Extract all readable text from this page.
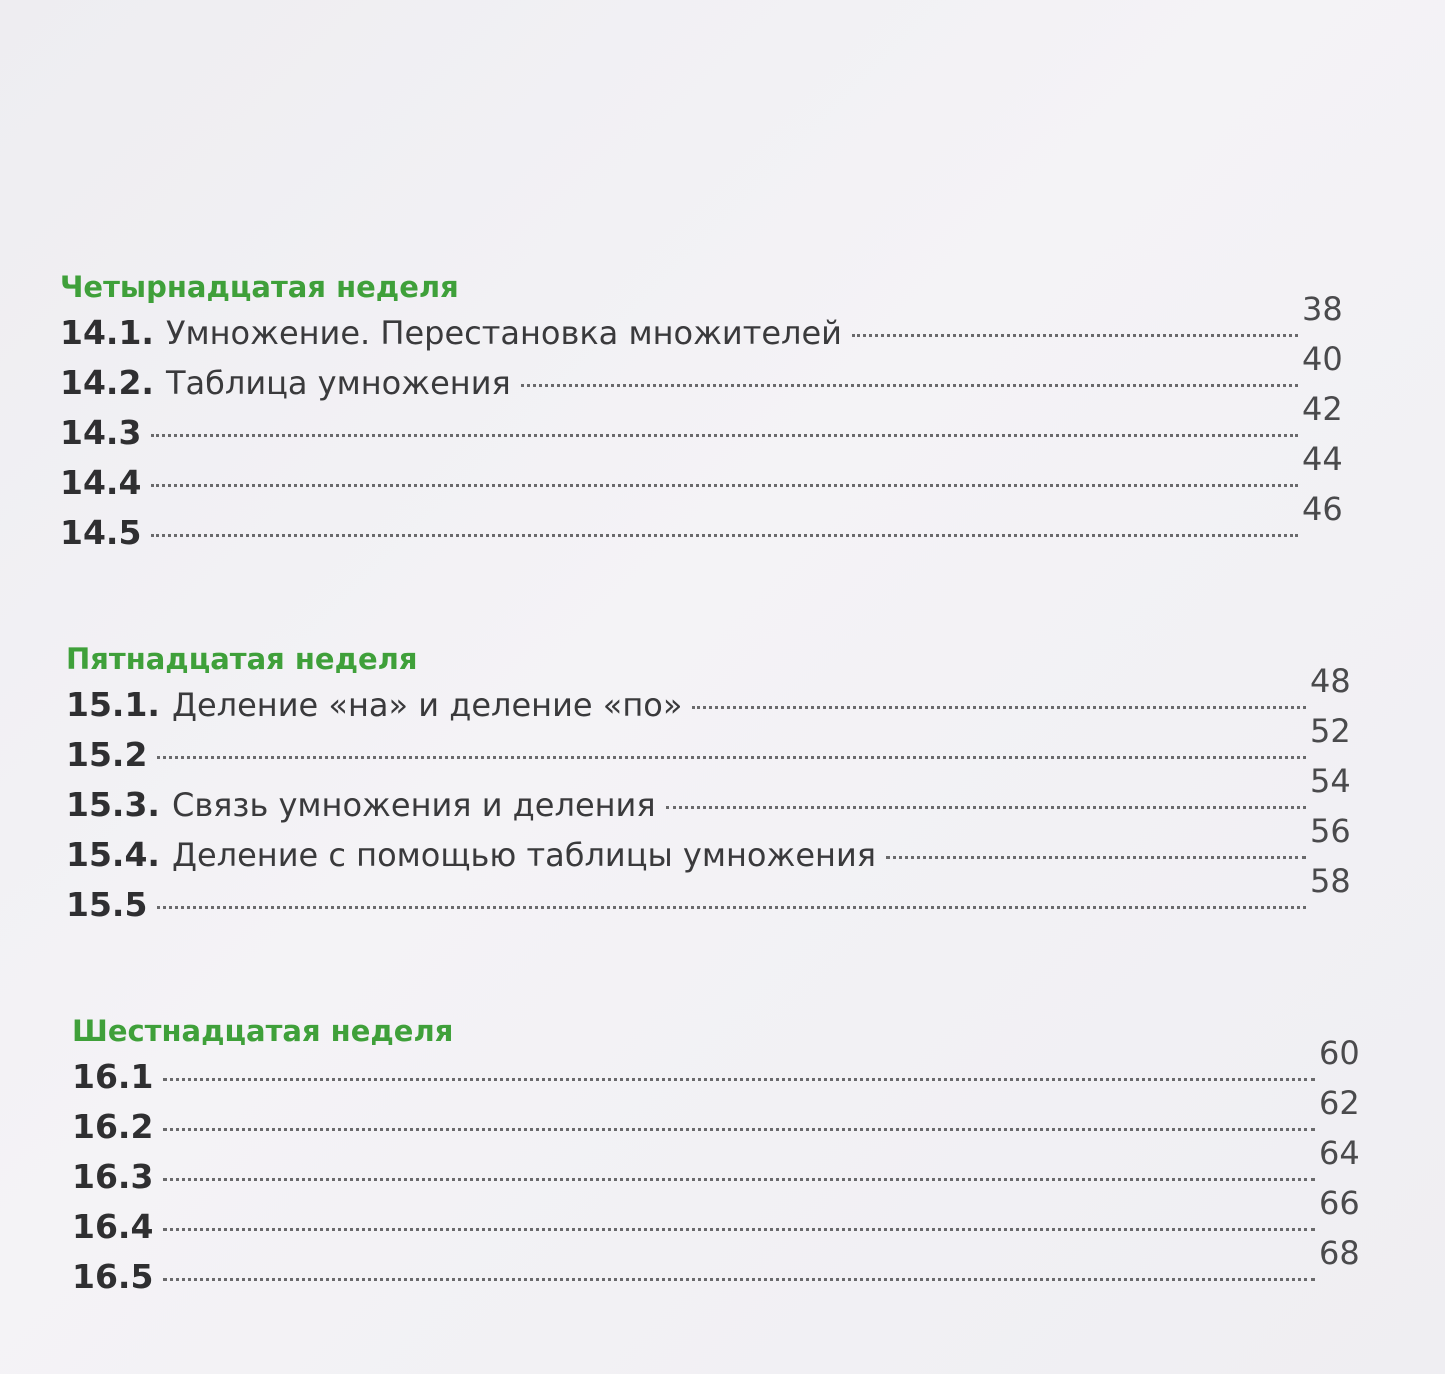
Четырнадцатая неделя
14.1. Умножение. Перестановка множителей
38
14.2. Таблица умножения
40
14.3
42
14.4
44
14.5
46
Пятнадцатая неделя
15.1. Деление «на» и деление «по»
48
15.2
52
15.3. Связь умножения и деления
54
15.4. Деление с помощью таблицы умножения
56
15.5
58
Шестнадцатая неделя
16.1
60
16.2
62
16.3
64
16.4
66
16.5
68
